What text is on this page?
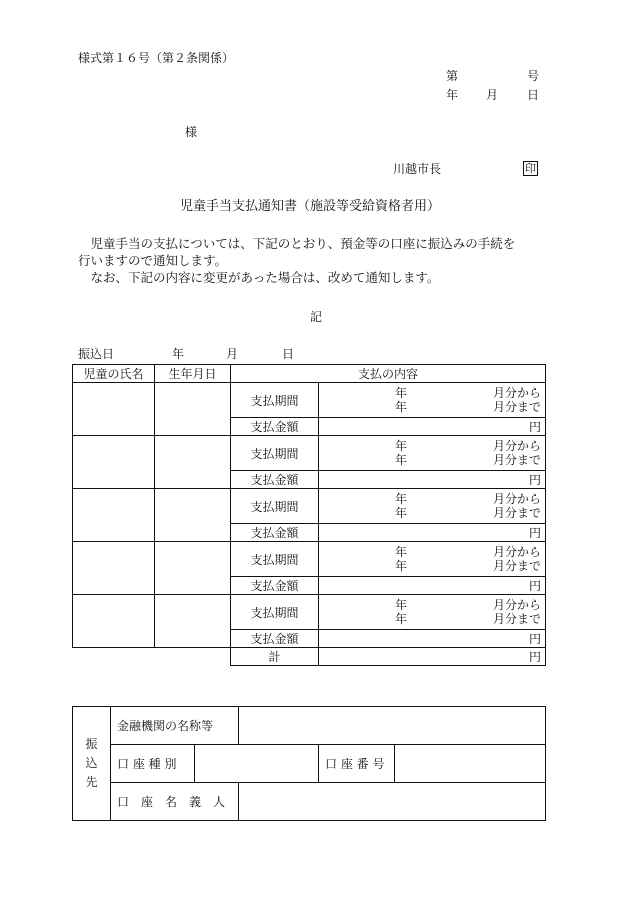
様式第１６号（第２条関係）
第	号
年 月 日
様
川越市長	印
児童手当支払通知書（施設等受給資格者用）
児童手当の支払については、下記のとおり、預金等の口座に振込みの手続を
行いますので通知します。
なお、下記の内容に変更があった場合は、改めて通知します。
記
振込日	年	月	日
児童の氏名	生年月日	支払の内容	
		支払期間	年 月分から
年 月分まで

		支払金額	円
		支払期間	年 月分から
年 月分まで

		支払金額	円
		支払期間	年 月分から
年 月分まで

		支払金額	円
		支払期間	年 月分から
年 月分まで

		支払金額	円
		支払期間	年 月分から
年 月分まで

		支払金額	円
		計	円
振
込
先	金融機関の名称等				
	口 座 種 別			口 座 番 号	
	口　座　名　義　人				
